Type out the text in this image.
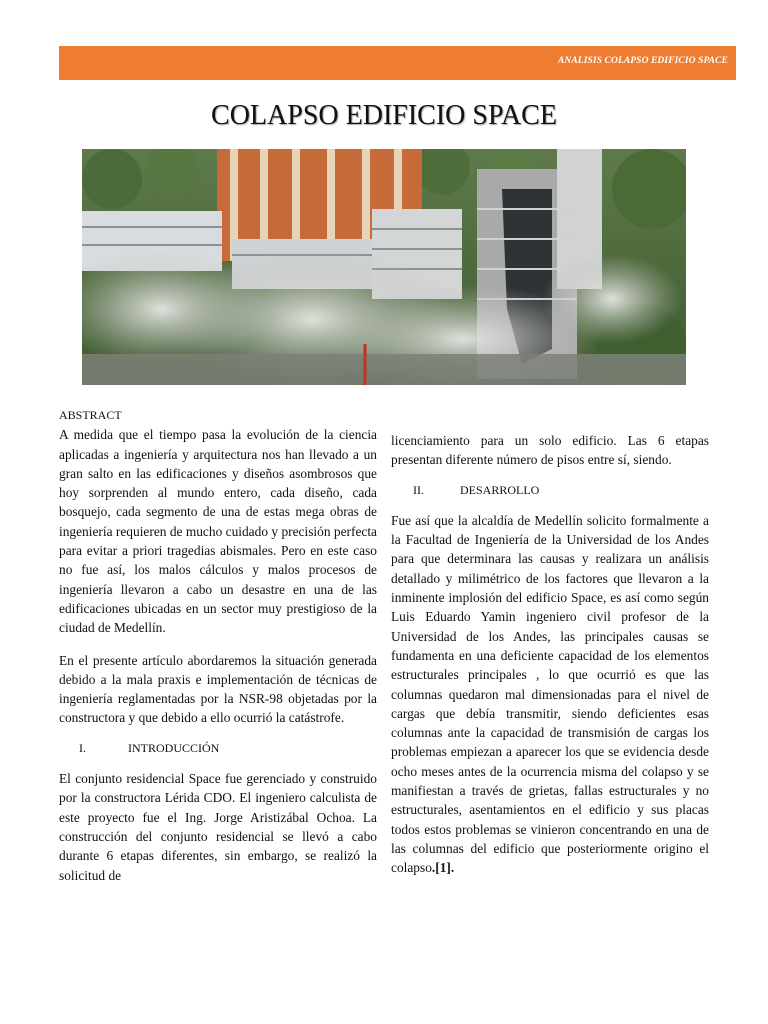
ANALISIS COLAPSO EDIFICIO SPACE
COLAPSO EDIFICIO SPACE

ABSTRACT

A medida que el tiempo pasa la evolución de la ciencia aplicadas a ingeniería y arquitectura nos han llevado a un gran salto en las edificaciones y diseños asombrosos que hoy sorprenden al mundo entero, cada diseño, cada bosquejo, cada segmento de una de estas mega obras de ingeniería requieren de mucho cuidado y precisión perfecta para evitar a priori tragedias abismales. Pero en este caso no fue así, los malos cálculos y malos procesos de ingeniería llevaron a cabo un desastre en una de las edificaciones ubicadas en un sector muy prestigioso de la ciudad de Medellín.

En el presente artículo abordaremos la situación generada debido a la mala praxis e implementación de técnicas de ingeniería reglamentadas por la NSR-98 objetadas por la constructora y que debido a ello ocurrió la catástrofe.

I.	INTRODUCCIÓN

El conjunto residencial Space fue gerenciado y construido por la constructora Lérida CDO. El ingeniero calculista de este proyecto fue el Ing. Jorge Aristizábal Ochoa. La construcción del conjunto residencial se llevó a cabo durante 6 etapas diferentes, sin embargo, se realizó la solicitud de

licenciamiento para un solo edificio. Las 6 etapas presentan diferente número de pisos entre sí, siendo.

II.	DESARROLLO

Fue así que la alcaldía de Medellín solicito formalmente a la Facultad de Ingeniería de la Universidad de los Andes para que determinara las causas y realizara un análisis detallado y milimétrico de los factores que llevaron a la inminente implosión del edificio Space, es así como según Luis Eduardo Yamin ingeniero civil profesor de la Universidad de los Andes, las principales causas se fundamenta en una deficiente capacidad de los elementos estructurales principales , lo que ocurrió es que las columnas quedaron mal dimensionadas para el nivel de cargas que debía transmitir, siendo deficientes esas columnas ante la capacidad de transmisión de cargas los problemas empiezan a aparecer los que se evidencia desde ocho meses antes de la ocurrencia misma del colapso y se manifiestan a través de grietas, fallas estructurales y no estructurales, asentamientos en el edificio y sus placas todos estos problemas se vinieron concentrando en una de las columnas del edificio que posteriormente origino el colapso.[1].
